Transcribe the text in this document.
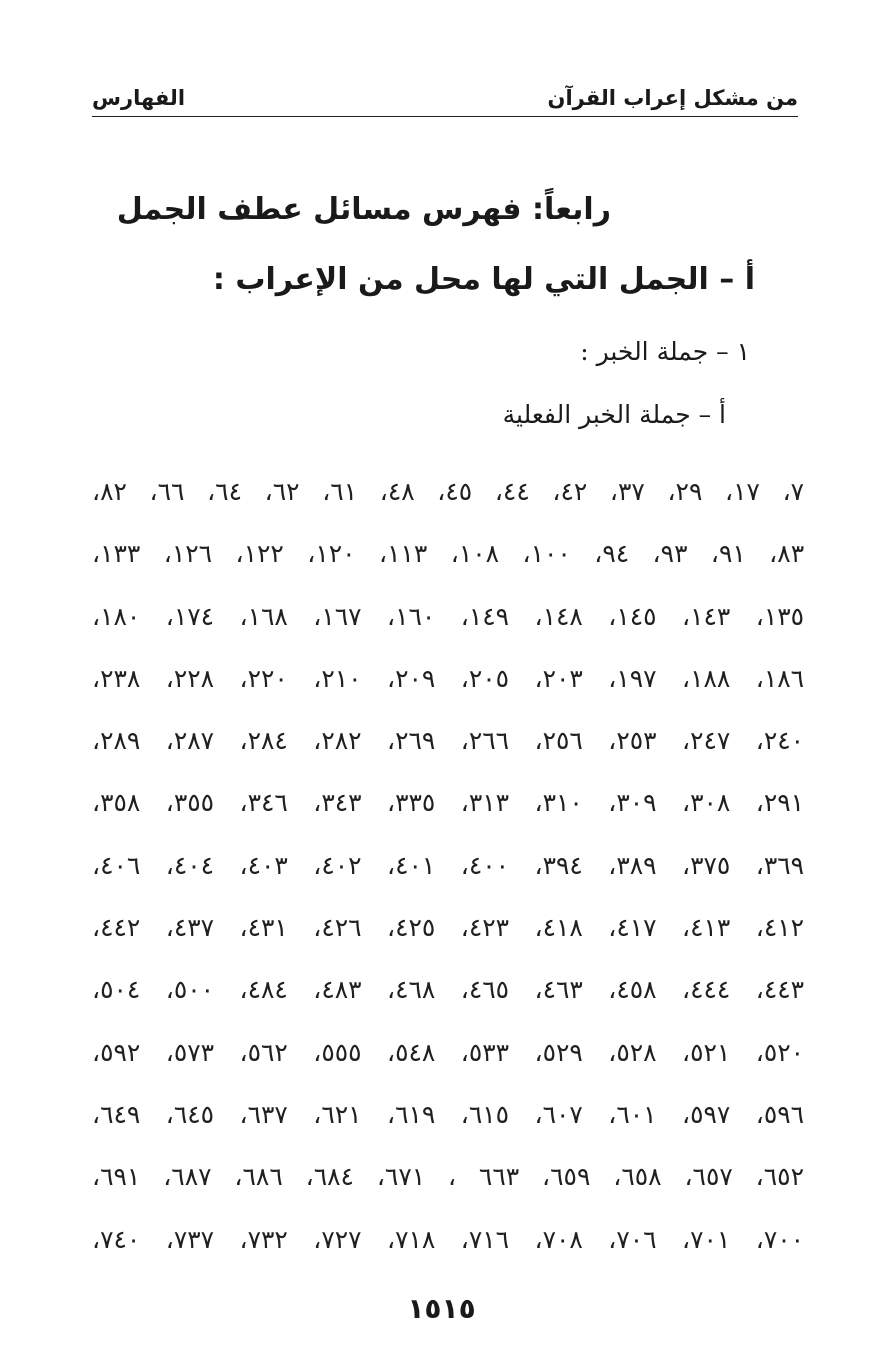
من مشكل إعراب القرآن
الفهارس
رابعاً: فهرس مسائل عطف الجمل
أ – الجمل التي لها محل من الإعراب :
١ – جملة الخبر :
أ – جملة الخبر الفعلية
٧، ١٧، ٢٩، ٣٧، ٤٢، ٤٤، ٤٥، ٤٨، ٦١، ٦٢، ٦٤، ٦٦، ٨٢،
٨٣، ٩١، ٩٣، ٩٤، ١٠٠، ١٠٨، ١١٣، ١٢٠، ١٢٢، ١٢٦، ١٣٣،
١٣٥، ١٤٣، ١٤٥، ١٤٨، ١٤٩، ١٦٠، ١٦٧، ١٦٨، ١٧٤، ١٨٠،
١٨٦، ١٨٨، ١٩٧، ٢٠٣، ٢٠٥، ٢٠٩، ٢١٠، ٢٢٠، ٢٢٨، ٢٣٨،
٢٤٠، ٢٤٧، ٢٥٣، ٢٥٦، ٢٦٦، ٢٦٩، ٢٨٢، ٢٨٤، ٢٨٧، ٢٨٩،
٢٩١، ٣٠٨، ٣٠٩، ٣١٠، ٣١٣، ٣٣٥، ٣٤٣، ٣٤٦، ٣٥٥، ٣٥٨،
٣٦٩، ٣٧٥، ٣٨٩، ٣٩٤، ٤٠٠، ٤٠١، ٤٠٢، ٤٠٣، ٤٠٤، ٤٠٦،
٤١٢، ٤١٣، ٤١٧، ٤١٨، ٤٢٣، ٤٢٥، ٤٢٦، ٤٣١، ٤٣٧، ٤٤٢،
٤٤٣، ٤٤٤، ٤٥٨، ٤٦٣، ٤٦٥، ٤٦٨، ٤٨٣، ٤٨٤، ٥٠٠، ٥٠٤،
٥٢٠، ٥٢١، ٥٢٨، ٥٢٩، ٥٣٣، ٥٤٨، ٥٥٥، ٥٦٢، ٥٧٣، ٥٩٢،
٥٩٦، ٥٩٧، ٦٠١، ٦٠٧، ٦١٥، ٦١٩، ٦٢١، ٦٣٧، ٦٤٥، ٦٤٩،
٦٥٢، ٦٥٧، ٦٥٨، ٦٥٩، ٦٦٣ ، ٦٧١، ٦٨٤، ٦٨٦، ٦٨٧، ٦٩١،
٧٠٠، ٧٠١، ٧٠٦، ٧٠٨، ٧١٦، ٧١٨، ٧٢٧، ٧٣٢، ٧٣٧، ٧٤٠،
١٥١٥
